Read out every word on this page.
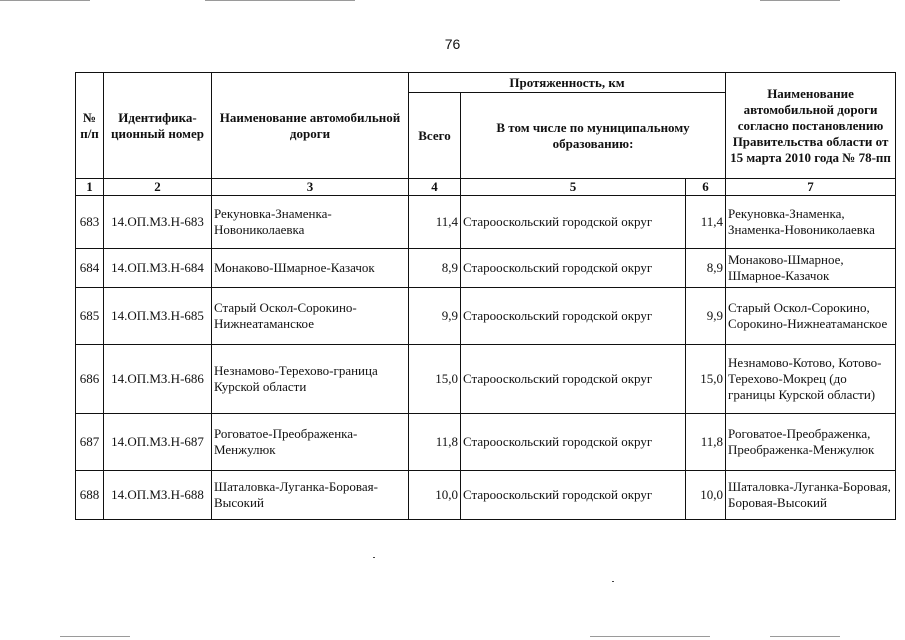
76
№ п/п	Идентифика-ционный номер	Наименование автомобильной дороги	Протяженность, км			Наименование автомобильной дороги согласно постановлению Правительства области от 15 марта 2010 года № 78-пп
			Всего	В том числе по муниципальному образованию:		
1	2	3	4	5	6	7
683	14.ОП.МЗ.Н-683	Рекуновка-Знаменка-Новониколаевка	11,4	Старооскольский городской округ	11,4	Рекуновка-Знаменка, Знаменка-Новониколаевка
684	14.ОП.МЗ.Н-684	Монаково-Шмарное-Казачок	8,9	Старооскольский городской округ	8,9	Монаково-Шмарное, Шмарное-Казачок
685	14.ОП.МЗ.Н-685	Старый Оскол-Сорокино-Нижнеатаманское	9,9	Старооскольский городской округ	9,9	Старый Оскол-Сорокино, Сорокино-Нижнеатаманское
686	14.ОП.МЗ.Н-686	Незнамово-Терехово-граница Курской области	15,0	Старооскольский городской округ	15,0	Незнамово-Котово, Котово-Терехово-Мокрец (до границы Курской области)
687	14.ОП.МЗ.Н-687	Роговатое-Преображенка-Менжулюк	11,8	Старооскольский городской округ	11,8	Роговатое-Преображенка, Преображенка-Менжулюк
688	14.ОП.МЗ.Н-688	Шаталовка-Луганка-Боровая-Высокий	10,0	Старооскольский городской округ	10,0	Шаталовка-Луганка-Боровая, Боровая-Высокий
